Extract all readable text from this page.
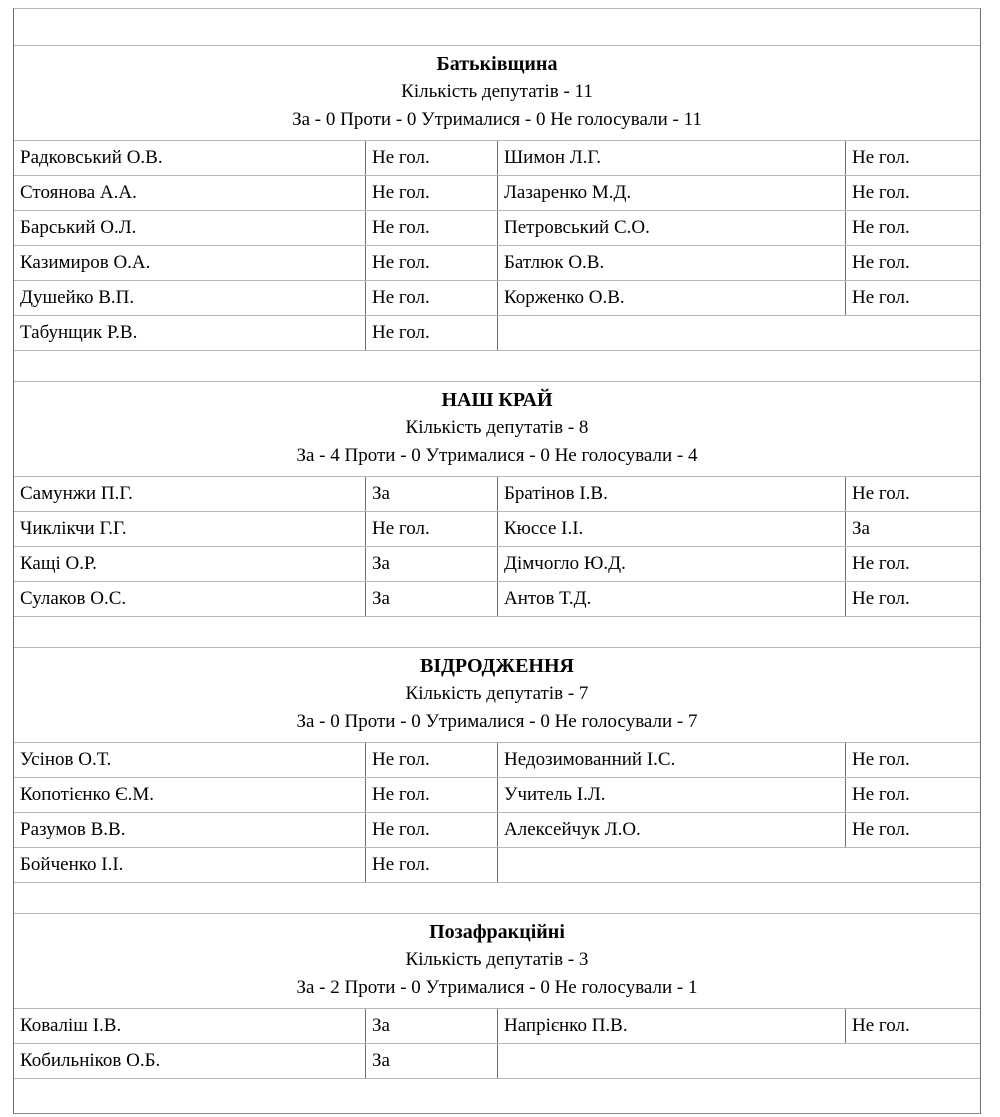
Батьківщина
Кількість депутатів - 11
За - 0 Проти - 0 Утрималися - 0 Не голосували - 11
Радковський О.В.	Не гол.	Шимон Л.Г.	Не гол.
Стоянова А.А.	Не гол.	Лазаренко М.Д.	Не гол.
Барський О.Л.	Не гол.	Петровський С.О.	Не гол.
Казимиров О.А.	Не гол.	Батлюк О.В.	Не гол.
Душейко В.П.	Не гол.	Корженко О.В.	Не гол.
Табунщик Р.В.	Не гол.
НАШ КРАЙ
Кількість депутатів - 8
За - 4 Проти - 0 Утрималися - 0 Не голосували - 4
Самунжи П.Г.	За	Братінов І.В.	Не гол.
Чиклікчи Г.Г.	Не гол.	Кюссе І.І.	За
Кащі О.Р.	За	Дімчогло Ю.Д.	Не гол.
Сулаков О.С.	За	Антов Т.Д.	Не гол.
ВІДРОДЖЕННЯ
Кількість депутатів - 7
За - 0 Проти - 0 Утрималися - 0 Не голосували - 7
Усінов О.Т.	Не гол.	Недозимованний І.С.	Не гол.
Копотієнко Є.М.	Не гол.	Учитель І.Л.	Не гол.
Разумов В.В.	Не гол.	Алексейчук Л.О.	Не гол.
Бойченко І.І.	Не гол.
Позафракційні
Кількість депутатів - 3
За - 2 Проти - 0 Утрималися - 0 Не голосували - 1
Коваліш І.В.	За	Напрієнко П.В.	Не гол.
Кобильніков О.Б.	За
